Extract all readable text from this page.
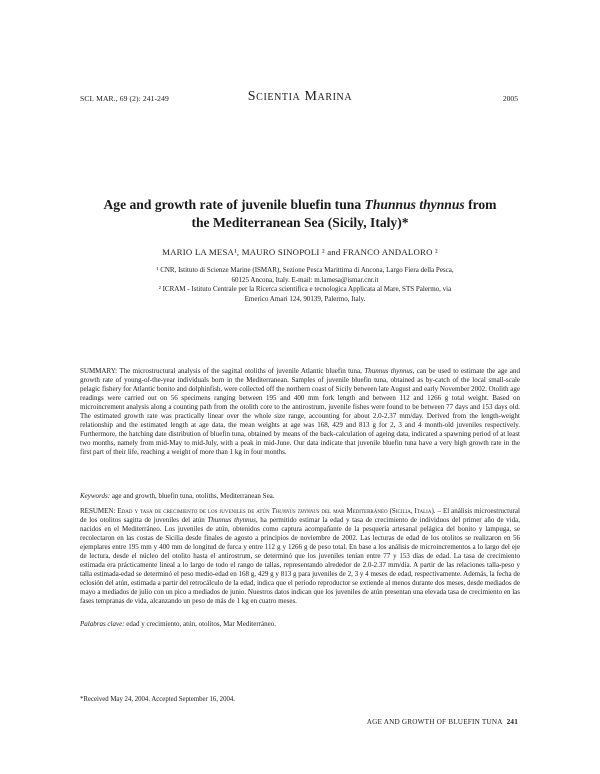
SCI. MAR., 69 (2): 241-249	Scientia Marina	2005
Age and growth rate of juvenile bluefin tuna Thunnus thynnus from the Mediterranean Sea (Sicily, Italy)*
MARIO LA MESA¹, MAURO SINOPOLI ² and FRANCO ANDALORO ²
¹ CNR, Istituto di Scienze Marine (ISMAR), Sezione Pesca Marittima di Ancona, Largo Fiera della Pesca, 60125 Ancona, Italy. E-mail: m.lamesa@ismar.cnr.it
² ICRAM - Istituto Centrale per la Ricerca scientifica e tecnologica Applicata al Mare, STS Palermo, via Emerico Amari 124, 90139, Palermo, Italy.
SUMMARY: The microstructural analysis of the sagittal otoliths of juvenile Atlantic bluefin tuna, Thunnus thynnus, can be used to estimate the age and growth rate of young-of-the-year individuals born in the Mediterranean. Samples of juvenile bluefin tuna, obtained as by-catch of the local small-scale pelagic fishery for Atlantic bonito and dolphinfish, were collected off the northern coast of Sicily between late August and early November 2002. Otolith age readings were carried out on 56 specimens ranging between 195 and 400 mm fork length and between 112 and 1266 g total weight. Based on microincrement analysis along a counting path from the otolith core to the antirostrum, juvenile fishes were found to be between 77 days and 153 days old. The estimated growth rate was practically linear over the whole size range, accounting for about 2.0-2.37 mm/day. Derived from the length-weight relationship and the estimated length at age data, the mean weights at age was 168, 429 and 813 g for 2, 3 and 4 month-old juveniles respectively. Furthermore, the hatching date distribution of bluefin tuna, obtained by means of the back-calculation of ageing data, indicated a spawning period of at least two months, namely from mid-May to mid-July, with a peak in mid-June. Our data indicate that juvenile bluefin tuna have a very high growth rate in the first part of their life, reaching a weight of more than 1 kg in four months.
Keywords: age and growth, bluefin tuna, otoliths, Mediterranean Sea.
RESUMEN: Edad y tasa de crecimiento de los juveniles de atún Thunnus thynnus del mar Mediterráneo (Sicilia, Italia). – El análisis microestructural de los otolitos sagitta de juveniles del atún Thunnus thynnus, ha permitido estimar la edad y tasa de crecimiento de individuos del primer año de vida, nacidos en el Mediterráneo. Los juveniles de atún, obtenidos como captura acompañante de la pesquería artesanal pelágica del bonito y lampuga, se recolectaron en las costas de Sicilia desde finales de agosto a principios de noviembre de 2002. Las lecturas de edad de los otolitos se realizaron en 56 ejemplares entre 195 mm y 400 mm de longitud de furca y entre 112 g y 1266 g de peso total. En base a los análisis de microincrementos a lo largo del eje de lectura, desde el núcleo del otolito hasta el antirostrum, se determinó que los juveniles tenían entre 77 y 153 días de edad. La tasa de crecimiento estimada era prácticamente lineal a lo largo de todo el rango de tallas, representando alrededor de 2.0-2.37 mm/día. A partir de las relaciones talla-peso y talla estimada-edad se determinó el peso medio-edad en 168 g, 429 g y 813 g para juveniles de 2, 3 y 4 meses de edad, respectivamente. Además, la fecha de eclosión del atún, estimada a partir del retrocálculo de la edad, indica que el período reproductor se extiende al menos durante dos meses, desde mediados de mayo a mediados de julio con un pico a mediados de junio. Nuestros datos indican que los juveniles de atún presentan una elevada tasa de crecimiento en las fases tempranas de vida, alcanzando un peso de más de 1 kg en cuatro meses.
Palabras clave: edad y crecimiento, atún, otolitos, Mar Mediterráneo.
*Received May 24, 2004. Accepted September 16, 2004.
AGE AND GROWTH OF BLUEFIN TUNA 241
